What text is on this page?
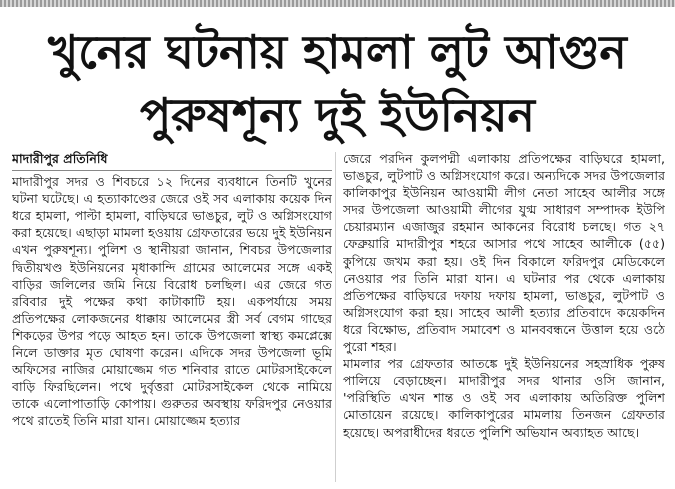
খুনের ঘটনায় হামলা লুট আগুন
পুরুষশূন্য দুই ইউনিয়ন
মাদারীপুর প্রতিনিধি

মাদারীপুর সদর ও শিবচরে ১২ দিনের ব্যবধানে তিনটি খুনের ঘটনা ঘটেছে। এ হত্যাকাণ্ডের জেরে ওই সব এলাকায় কয়েক দিন ধরে হামলা, পাল্টা হামলা, বাড়িঘরে ভাঙচুর, লুট ও অগ্নিসংযোগ করা হয়েছে। এছাড়া মামলা হওয়ায় গ্রেফতারের ভয়ে দুই ইউনিয়ন এখন পুরুষশূন্য। পুলিশ ও স্থানীয়রা জানান, শিবচর উপজেলার দ্বিতীয়খণ্ড ইউনিয়নের মৃধাকান্দি গ্রামের আলেমের সঙ্গে একই বাড়ির জলিলের জমি নিয়ে বিরোধ চলছিল। এর জেরে গত রবিবার দুই পক্ষের কথা কাটাকাটি হয়। একপর্যায়ে সময় প্রতিপক্ষের লোকজনের ধাক্কায় আলেমের স্ত্রী সর্ব বেগম গাছের শিকড়ের উপর পড়ে আহত হন। তাকে উপজেলা স্বাস্থ্য কমপ্লেক্সে নিলে ডাক্তার মৃত ঘোষণা করেন। এদিকে সদর উপজেলা ভূমি অফিসের নাজির মোয়াজ্জেম গত শনিবার রাতে মোটরসাইকেলে বাড়ি ফিরছিলেন। পথে দুর্বৃত্তরা মোটরসাইকেল থেকে নামিয়ে তাকে এলোপাতাড়ি কোপায়। গুরুতর অবস্থায় ফরিদপুর নেওয়ার পথে রাতেই তিনি মারা যান। মোয়াজ্জেম হত্যার

জেরে পরদিন কুলপদ্মী এলাকায় প্রতিপক্ষের বাড়িঘরে হামলা, ভাঙচুর, লুটপাট ও অগ্নিসংযোগ করে। অন্যদিকে সদর উপজেলার কালিকাপুর ইউনিয়ন আওয়ামী লীগ নেতা সাহেব আলীর সঙ্গে সদর উপজেলা আওয়ামী লীগের যুগ্ম সাধারণ সম্পাদক ইউপি চেয়ারম্যান এজাজুর রহমান আকনের বিরোধ চলছে। গত ২৭ ফেব্রুয়ারি মাদারীপুর শহরে আসার পথে সাহেব আলীকে (৫৫) কুপিয়ে জখম করা হয়। ওই দিন বিকালে ফরিদপুর মেডিকেলে নেওয়ার পর তিনি মারা যান। এ ঘটনার পর থেকে এলাকায় প্রতিপক্ষের বাড়িঘরে দফায় দফায় হামলা, ভাঙচুর, লুটপাট ও অগ্নিসংযোগ করা হয়। সাহেব আলী হত্যার প্রতিবাদে কয়েকদিন ধরে বিক্ষোভ, প্রতিবাদ সমাবেশ ও মানববন্ধনে উত্তাল হয়ে ওঠে পুরো শহর।

মামলার পর গ্রেফতার আতঙ্কে দুই ইউনিয়নের সহস্রাধিক পুরুষ পালিয়ে বেড়াচ্ছেন। মাদারীপুর সদর থানার ওসি জানান, 'পরিস্থিতি এখন শান্ত ও ওই সব এলাকায় অতিরিক্ত পুলিশ মোতায়েন রয়েছে। কালিকাপুরের মামলায় তিনজন গ্রেফতার হয়েছে। অপরাধীদের ধরতে পুলিশি অভিযান অব্যাহত আছে।
